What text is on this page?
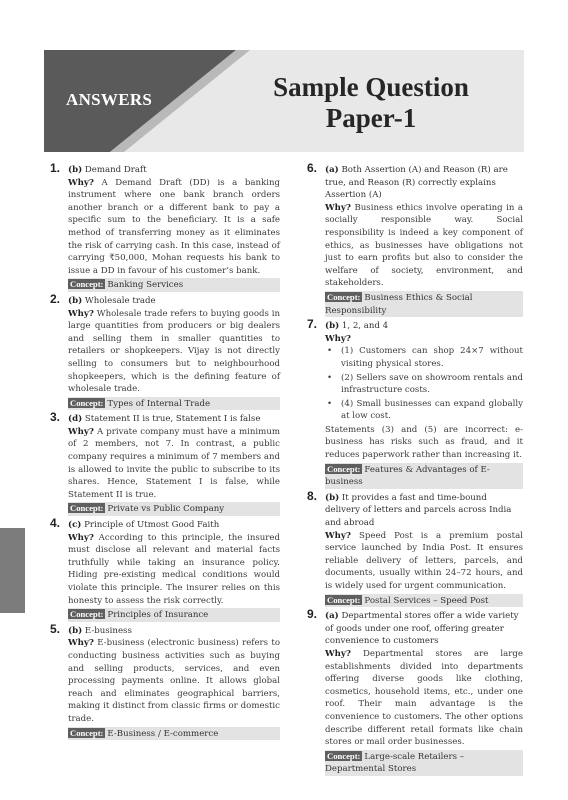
ANSWERS	Sample Question
Paper-1
1. (b) Demand Draft
Why? A Demand Draft (DD) is a banking instrument where one bank branch orders another branch or a different bank to pay a specific sum to the beneficiary. It is a safe method of transferring money as it eliminates the risk of carrying cash. In this case, instead of carrying ₹50,000, Mohan requests his bank to issue a DD in favour of his customer’s bank.
Concept: Banking Services
2. (b) Wholesale trade
Why? Wholesale trade refers to buying goods in large quantities from producers or big dealers and selling them in smaller quantities to retailers or shopkeepers. Vijay is not directly selling to consumers but to neighbourhood shopkeepers, which is the defining feature of wholesale trade.
Concept: Types of Internal Trade
3. (d) Statement II is true, Statement I is false
Why? A private company must have a minimum of 2 members, not 7. In contrast, a public company requires a minimum of 7 members and is allowed to invite the public to subscribe to its shares. Hence, Statement I is false, while Statement II is true.
Concept: Private vs Public Company
4. (c) Principle of Utmost Good Faith
Why? According to this principle, the insured must disclose all relevant and material facts truthfully while taking an insurance policy. Hiding pre-existing medical conditions would violate this principle. The insurer relies on this honesty to assess the risk correctly.
Concept: Principles of Insurance
5. (b) E-business
Why? E-business (electronic business) refers to conducting business activities such as buying and selling products, services, and even processing payments online. It allows global reach and eliminates geographical barriers, making it distinct from classic firms or domestic trade.
Concept: E-Business / E-commerce
6. (a) Both Assertion (A) and Reason (R) are true, and Reason (R) correctly explains Assertion (A)
Why? Business ethics involve operating in a socially responsible way. Social responsibility is indeed a key component of ethics, as businesses have obligations not just to earn profits but also to consider the welfare of society, environment, and stakeholders.
Concept: Business Ethics & Social Responsibility
7. (b) 1, 2, and 4
Why?
• (1) Customers can shop 24×7 without visiting physical stores.
• (2) Sellers save on showroom rentals and infrastructure costs.
• (4) Small businesses can expand globally at low cost.
Statements (3) and (5) are incorrect: e-business has risks such as fraud, and it reduces paperwork rather than increasing it.
Concept: Features & Advantages of E-business
8. (b) It provides a fast and time-bound delivery of letters and parcels across India and abroad
Why? Speed Post is a premium postal service launched by India Post. It ensures reliable delivery of letters, parcels, and documents, usually within 24–72 hours, and is widely used for urgent communication.
Concept: Postal Services – Speed Post
9. (a) Departmental stores offer a wide variety of goods under one roof, offering greater convenience to customers
Why? Departmental stores are large establishments divided into departments offering diverse goods like clothing, cosmetics, household items, etc., under one roof. Their main advantage is the convenience to customers. The other options describe different retail formats like chain stores or mail order businesses.
Concept: Large-scale Retailers – Departmental Stores
